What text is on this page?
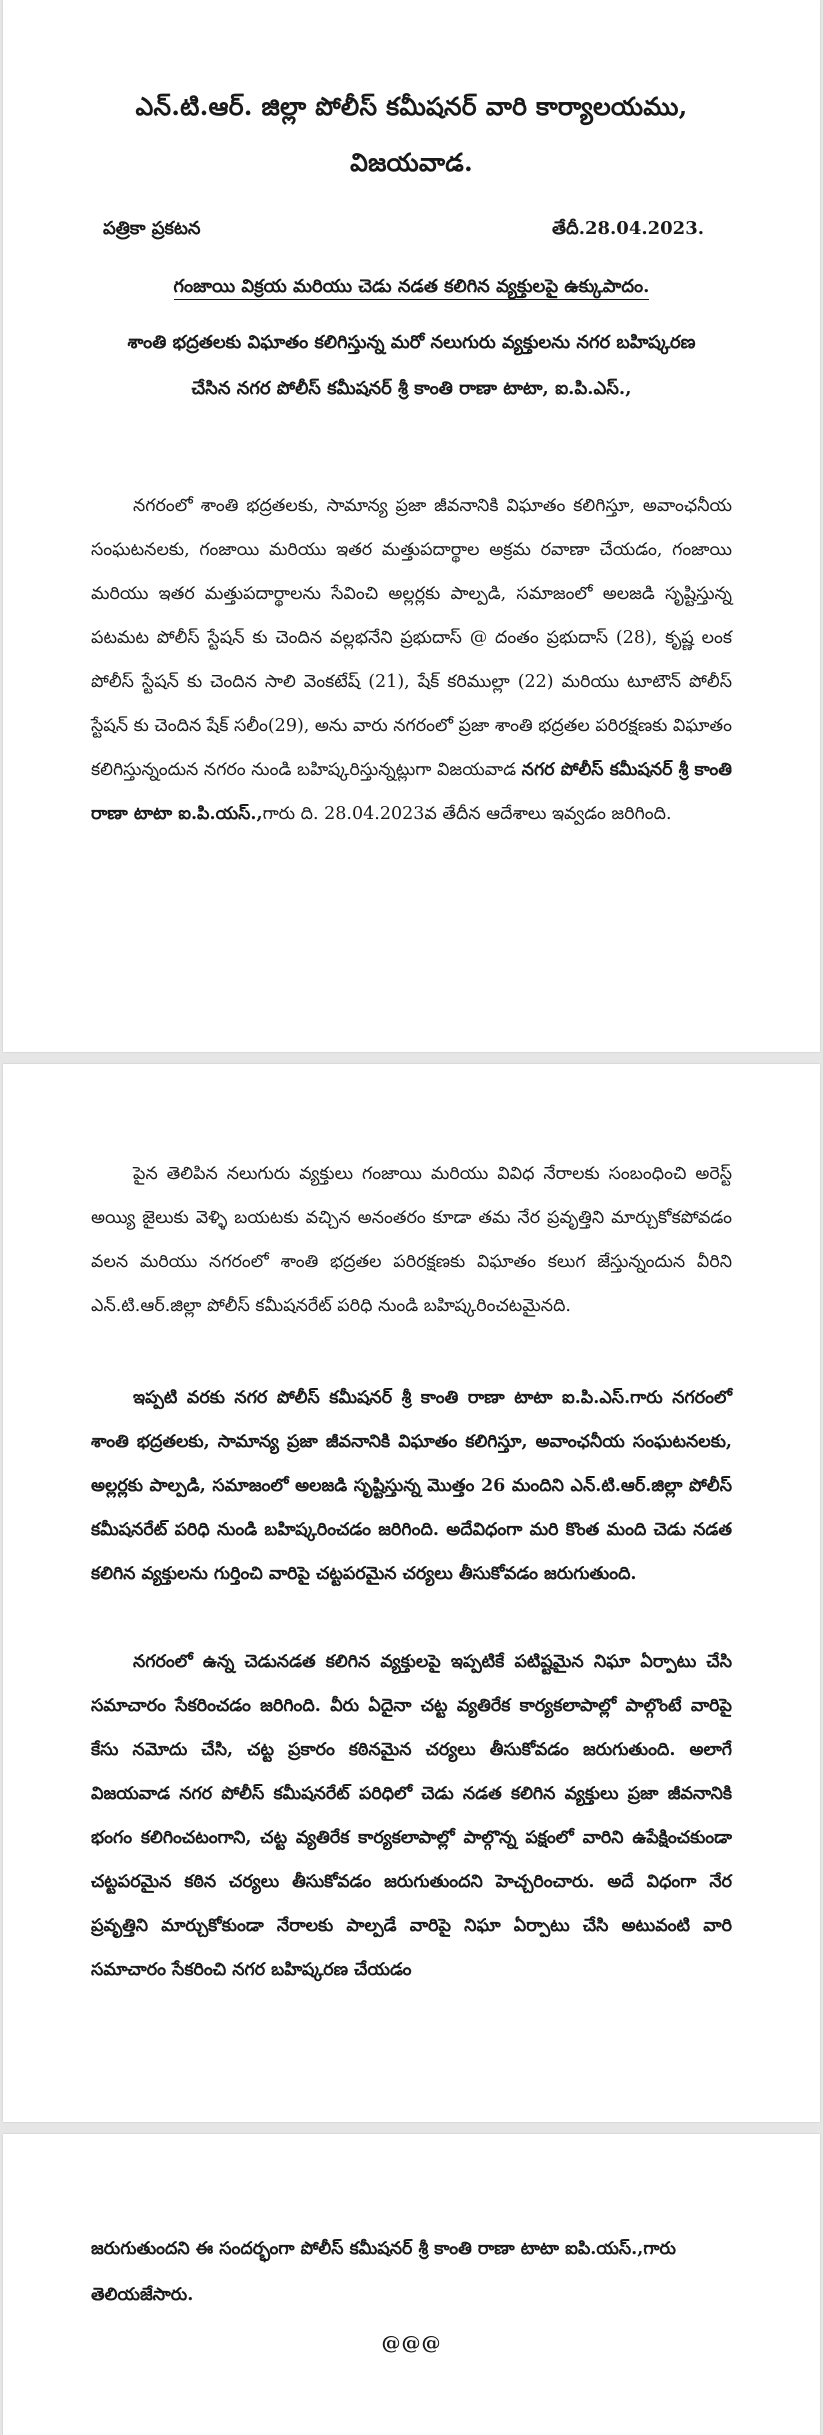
ఎన్.టి.ఆర్. జిల్లా పోలీస్ కమీషనర్ వారి కార్యాలయము,
విజయవాడ.
పత్రికా ప్రకటన	తేదీ.28.04.2023.
గంజాయి విక్రయ మరియు చెడు నడత కలిగిన వ్యక్తులపై ఉక్కుపాదం.
శాంతి భద్రతలకు విఘాతం కలిగిస్తున్న మరో నలుగురు వ్యక్తులను నగర బహిష్కరణ
చేసిన నగర పోలీస్ కమీషనర్ శ్రీ కాంతి రాణా టాటా, ఐ.పి.ఎస్.,

నగరంలో శాంతి భద్రతలకు, సామాన్య ప్రజా జీవనానికి విఘాతం కలిగిస్తూ, అవాంఛనీయ సంఘటనలకు, గంజాయి మరియు ఇతర మత్తుపదార్థాల అక్రమ రవాణా చేయడం, గంజాయి మరియు ఇతర మత్తుపదార్థాలను సేవించి అల్లర్లకు పాల్పడి, సమాజంలో అలజడి సృష్టిస్తున్న పటమట పోలీస్ స్టేషన్ కు చెందిన వల్లభనేని ప్రభుదాస్ @ దంతం ప్రభుదాస్ (28), కృష్ణ లంక పోలీస్ స్టేషన్ కు చెందిన సాలి వెంకటేష్ (21), షేక్ కరిముల్లా (22) మరియు టూటౌన్ పోలీస్ స్టేషన్ కు చెందిన షేక్ సలీం(29), అను వారు నగరంలో ప్రజా శాంతి భద్రతల పరిరక్షణకు విఘాతం కలిగిస్తున్నందున నగరం నుండి బహిష్కరిస్తున్నట్లుగా విజయవాడ నగర పోలీస్ కమీషనర్ శ్రీ కాంతి రాణా టాటా ఐ.పి.యస్.,గారు ది. 28.04.2023వ తేదీన ఆదేశాలు ఇవ్వడం జరిగింది.

పైన తెలిపిన నలుగురు వ్యక్తులు గంజాయి మరియు వివిధ నేరాలకు సంబంధించి అరెస్ట్ అయ్యి జైలుకు వెళ్ళి బయటకు వచ్చిన అనంతరం కూడా తమ నేర ప్రవృత్తిని మార్చుకోకపోవడం వలన మరియు నగరంలో శాంతి భద్రతల పరిరక్షణకు విఘాతం కలుగ జేస్తున్నందున వీరిని ఎన్.టి.ఆర్.జిల్లా పోలీస్ కమీషనరేట్ పరిధి నుండి బహిష్కరించటమైనది.

ఇప్పటి వరకు నగర పోలీస్ కమీషనర్ శ్రీ కాంతి రాణా టాటా ఐ.పి.ఎస్.గారు నగరంలో శాంతి భద్రతలకు, సామాన్య ప్రజా జీవనానికి విఘాతం కలిగిస్తూ, అవాంఛనీయ సంఘటనలకు, అల్లర్లకు పాల్పడి, సమాజంలో అలజడి సృష్టిస్తున్న మొత్తం 26 మందిని ఎన్.టి.ఆర్.జిల్లా పోలీస్ కమీషనరేట్ పరిధి నుండి బహిష్కరించడం జరిగింది. అదేవిధంగా మరి కొంత మంది చెడు నడత కలిగిన వ్యక్తులను గుర్తించి వారిపై చట్టపరమైన చర్యలు తీసుకోవడం జరుగుతుంది.

నగరంలో ఉన్న చెడునడత కలిగిన వ్యక్తులపై ఇప్పటికే పటిష్టమైన నిఘా ఏర్పాటు చేసి సమాచారం సేకరించడం జరిగింది. వీరు ఏదైనా చట్ట వ్యతిరేక కార్యకలాపాల్లో పాల్గొంటే వారిపై కేసు నమోదు చేసి, చట్ట ప్రకారం కఠినమైన చర్యలు తీసుకోవడం జరుగుతుంది. అలాగే విజయవాడ నగర పోలీస్ కమీషనరేట్ పరిధిలో చెడు నడత కలిగిన వ్యక్తులు ప్రజా జీవనానికి భంగం కలిగించటంగాని, చట్ట వ్యతిరేక కార్యకలాపాల్లో పాల్గొన్న పక్షంలో వారిని ఉపేక్షించకుండా చట్టపరమైన కఠిన చర్యలు తీసుకోవడం జరుగుతుందని హెచ్చరించారు. అదే విధంగా నేర ప్రవృత్తిని మార్చుకోకుండా నేరాలకు పాల్పడే వారిపై నిఘా ఏర్పాటు చేసి అటువంటి వారి సమాచారం సేకరించి నగర బహిష్కరణ చేయడం

జరుగుతుందని ఈ సందర్భంగా పోలీస్ కమీషనర్ శ్రీ కాంతి రాణా టాటా ఐపి.యస్.,గారు తెలియజేసారు.

@@@
